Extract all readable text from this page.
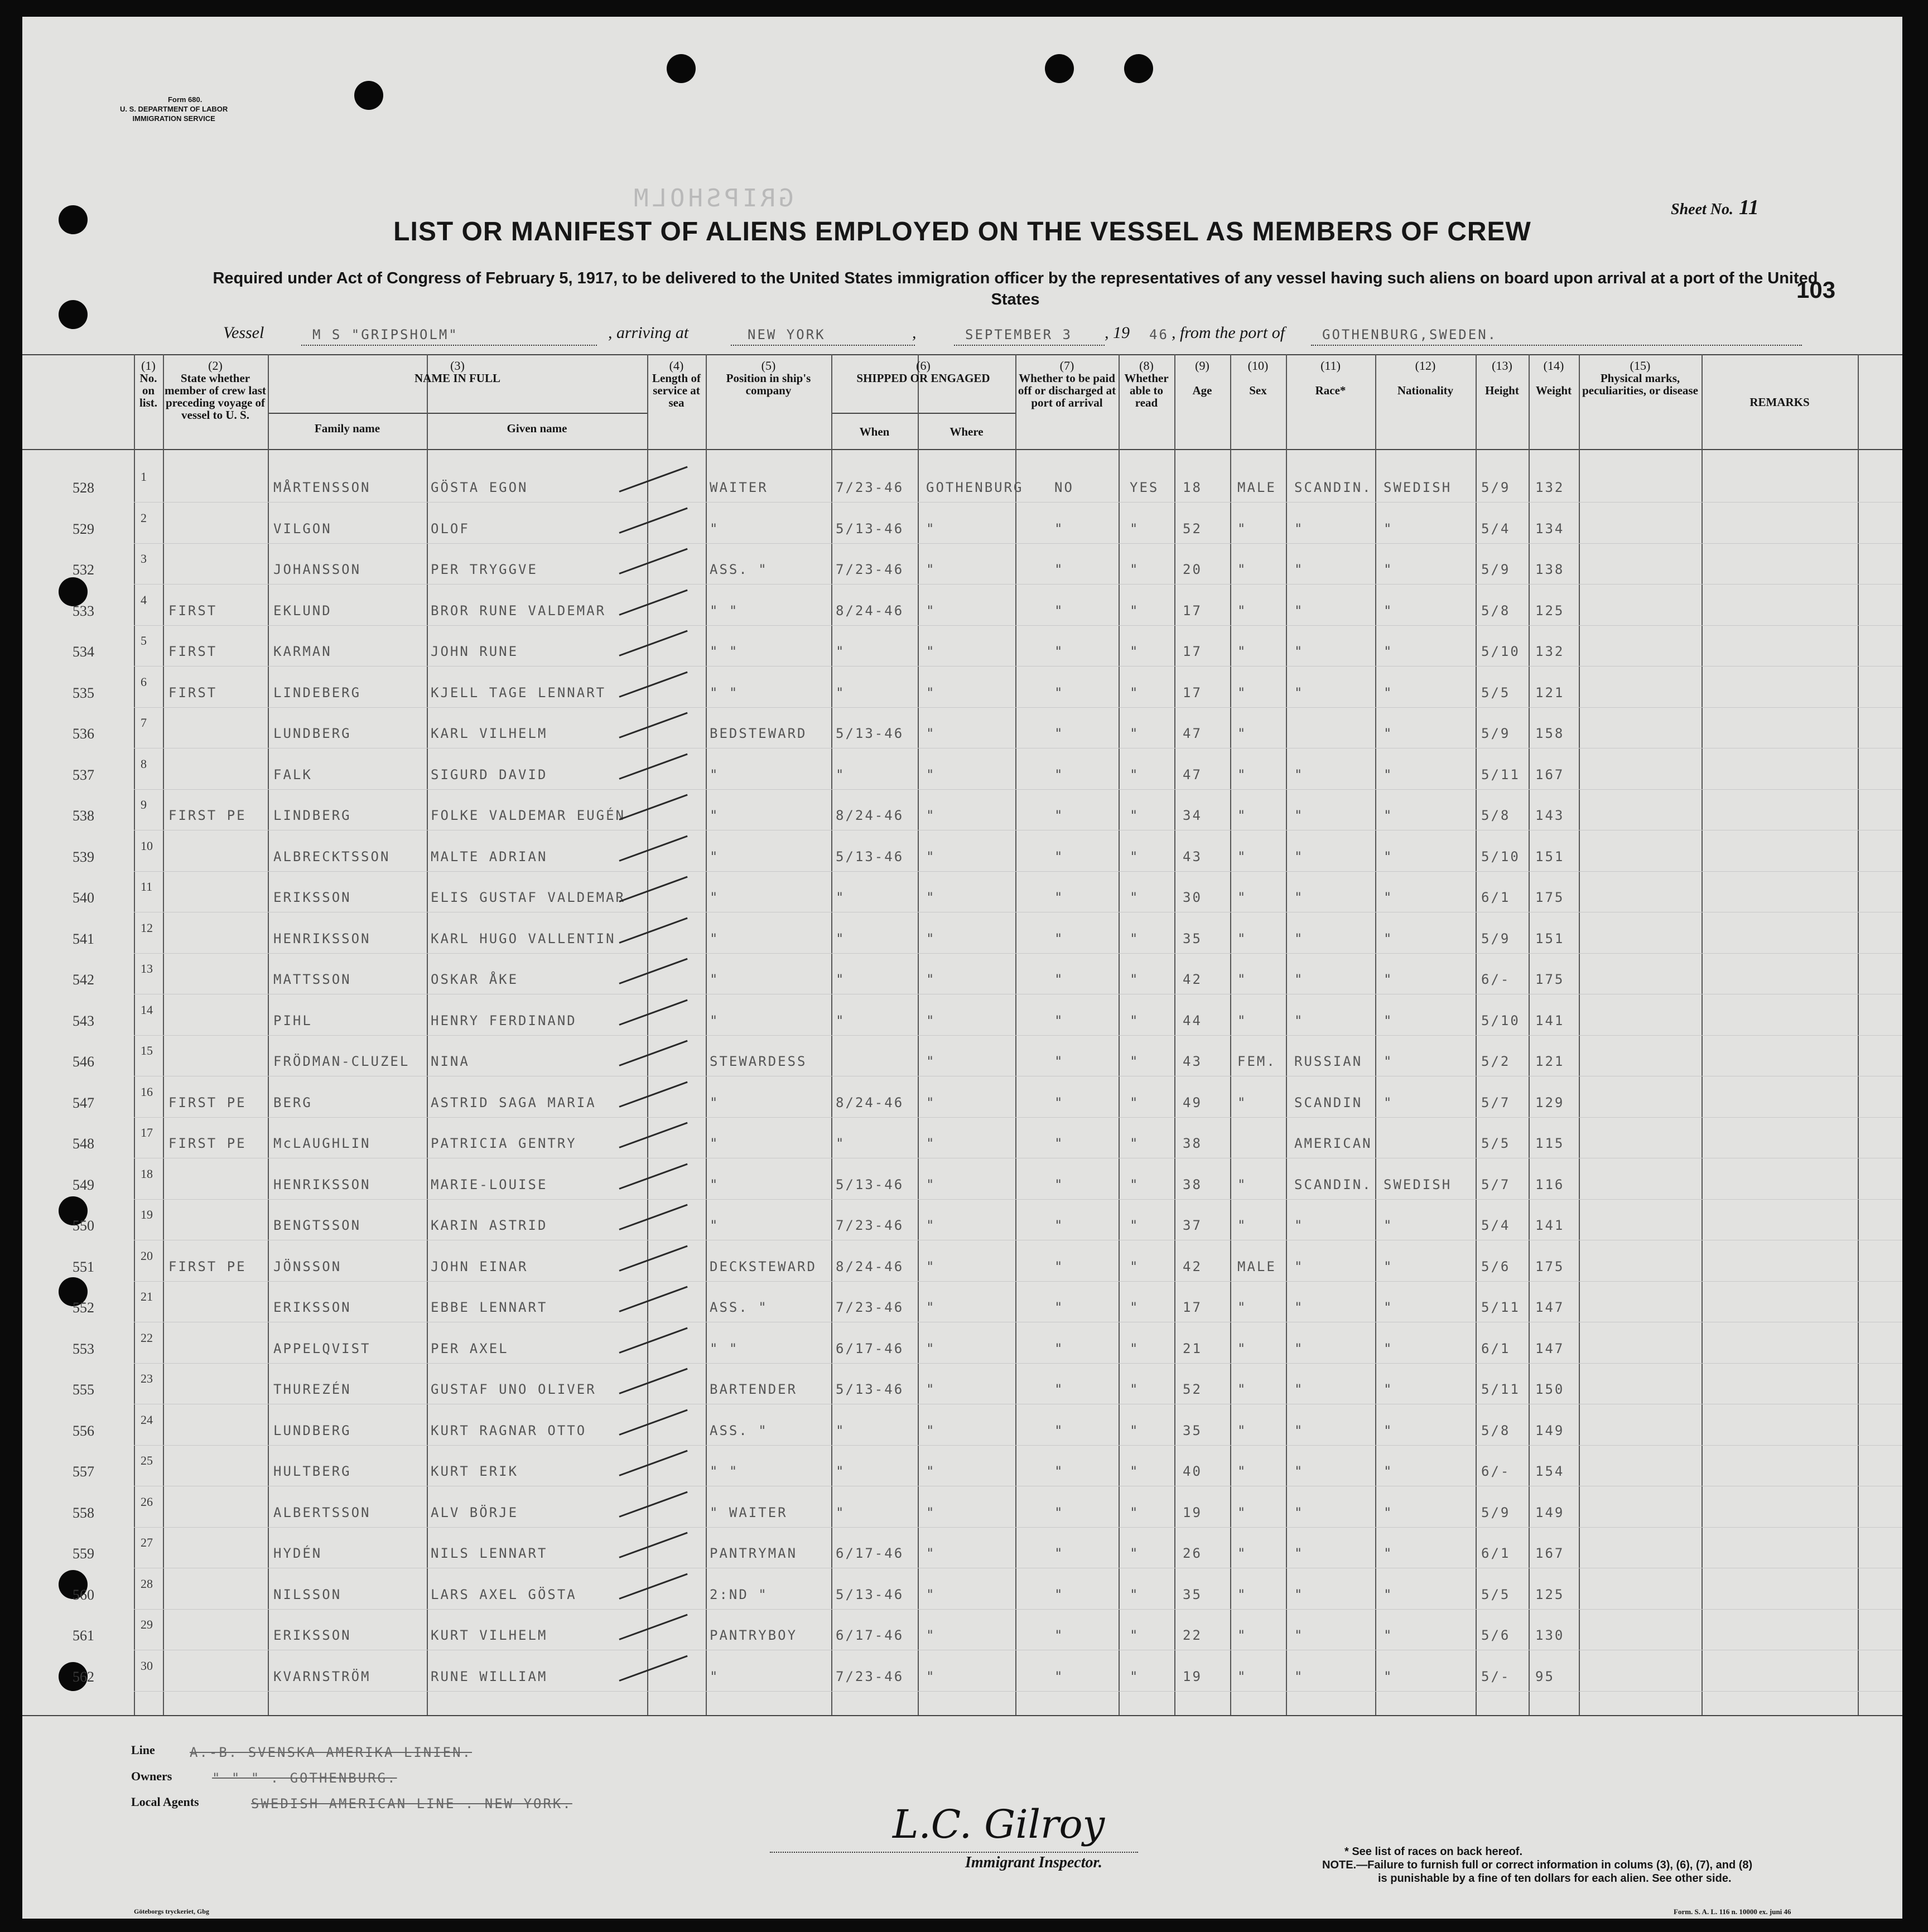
Form 680.
U. S. DEPARTMENT OF LABOR
IMMIGRATION SERVICE
GRIPSHOLM	Sheet No. 11
LIST OR MANIFEST OF ALIENS EMPLOYED ON THE VESSEL AS MEMBERS OF CREW
Required under Act of Congress of February 5, 1917, to be delivered to the United States immigration officer by the representatives of any vessel having such aliens on board upon arrival at a port of the United States	103
Vessel	M S "GRIPSHOLM"	, arriving at	NEW YORK	,	SEPTEMBER 3 , 19 46 , from the port of	GOTHENBURG,SWEDEN.
(1)
No. on list.
(2)
State whether member of crew last preceding voyage of vessel to U. S.
(3)
NAME IN FULL
Family name	Given name
(4)
Length of service at sea
(5)
Position in ship's company
(6)
SHIPPED OR ENGAGED
When	Where
(7)
Whether to be paid off or discharged at port of arrival
(8)
Whether able to read
(9)

Age
(10)

Sex
(11)

Race*
(12)

Nationality
(13)

Height
(14)

Weight
(15)
Physical marks, peculiarities, or disease
REMARKS
528
1
MÅRTENSSON	GÖSTA EGON	WAITER	7/23-46 GOTHENBURG NO	YES 18	MALE SCANDIN. SWEDISH 5/9 132
529
2
VILGON	OLOF	"	5/13-46 "	"	"	52	"	"	"	5/4 134
532
3
JOHANSSON	PER TRYGGVE	ASS. "	7/23-46 "	"	"	20	"	"	"	5/9 138
533
4
FIRST	EKLUND	BROR RUNE VALDEMAR	" "	8/24-46 "	"	"	17	"	"	"	5/8 125
534
5
FIRST	KARMAN	JOHN RUNE	" "	"	"	"	"	17	"	"	"	5/10 132
535
6
FIRST	LINDEBERG	KJELL TAGE LENNART	" "	"	"	"	"	17	"	"	"	5/5 121
536
7
LUNDBERG	KARL VILHELM	BEDSTEWARD 5/13-46 "	"	"	47	"	"	5/9 158
537
8
FALK	SIGURD DAVID	"	"	"	"	"	47	"	"	"	5/11 167
538
9
FIRST PE LINDBERG	FOLKE VALDEMAR EUGÉN	"	8/24-46 "	"	"	34	"	"	"	5/8 143
539
10
ALBRECKTSSON	MALTE ADRIAN	"	5/13-46 "	"	"	43	"	"	"	5/10 151
540
11
ERIKSSON	ELIS GUSTAF VALDEMAR	"	"	"	"	"	30	"	"	"	6/1 175
541
12
HENRIKSSON	KARL HUGO VALLENTIN	"	"	"	"	"	35	"	"	"	5/9 151
542
13
MATTSSON	OSKAR ÅKE	"	"	"	"	"	42	"	"	"	6/- 175
543
14
PIHL	HENRY FERDINAND	"	"	"	"	"	44	"	"	"	5/10 141
546
15
FRÖDMAN-CLUZEL NINA	STEWARDESS	"	"	"	43	FEM. RUSSIAN "	5/2 121
547
16
FIRST PE BERG	ASTRID SAGA MARIA	"	8/24-46 "	"	"	49	"	SCANDIN "	5/7 129
548
17
FIRST PE McLAUGHLIN	PATRICIA GENTRY	"	"	"	"	"	38	AMERICAN	5/5 115
549
18
HENRIKSSON	MARIE-LOUISE	"	5/13-46 "	"	"	38	"	SCANDIN. SWEDISH 5/7 116
550
19
BENGTSSON	KARIN ASTRID	"	7/23-46 "	"	"	37	"	"	"	5/4 141
551
20
FIRST PE JÖNSSON	JOHN EINAR	DECKSTEWARD 8/24-46 "	"	"	42	MALE "	"	5/6 175
552
21
ERIKSSON	EBBE LENNART	ASS. "	7/23-46 "	"	"	17	"	"	"	5/11 147
553
22
APPELQVIST	PER AXEL	" "	6/17-46 "	"	"	21	"	"	"	6/1 147
555
23
THUREZÉN	GUSTAF UNO OLIVER	BARTENDER	5/13-46 "	"	"	52	"	"	"	5/11 150
556
24
LUNDBERG	KURT RAGNAR OTTO	ASS. "	"	"	"	"	35	"	"	"	5/8 149
557
25
HULTBERG	KURT ERIK	" "	"	"	"	"	40	"	"	"	6/- 154
558
26
ALBERTSSON	ALV BÖRJE	" WAITER	"	"	"	"	19	"	"	"	5/9 149
559
27
HYDÉN	NILS LENNART	PANTRYMAN	6/17-46 "	"	"	26	"	"	"	6/1 167
560
28
NILSSON	LARS AXEL GÖSTA	2:ND "	5/13-46 "	"	"	35	"	"	"	5/5 125
561
29
ERIKSSON	KURT VILHELM	PANTRYBOY	6/17-46 "	"	"	22	"	"	"	5/6 130
562
30
KVARNSTRÖM	RUNE WILLIAM	"	7/23-46 "	"	"	19	"	"	"	5/- 95
Line	A.-B. SVENSKA AMERIKA LINIEN.
Owners	" " " . GOTHENBURG.
Local Agents	SWEDISH AMERICAN LINE . NEW YORK.	L.C. Gilroy
Immigrant Inspector.
* See list of races on back hereof.
NOTE.—Failure to furnish full or correct information in colums (3), (6), (7), and (8)
is punishable by a fine of ten dollars for each alien. See other side.
Göteborgs tryckeriet, Gbg	Form. S. A. L. 116 n. 10000 ex. juni 46
